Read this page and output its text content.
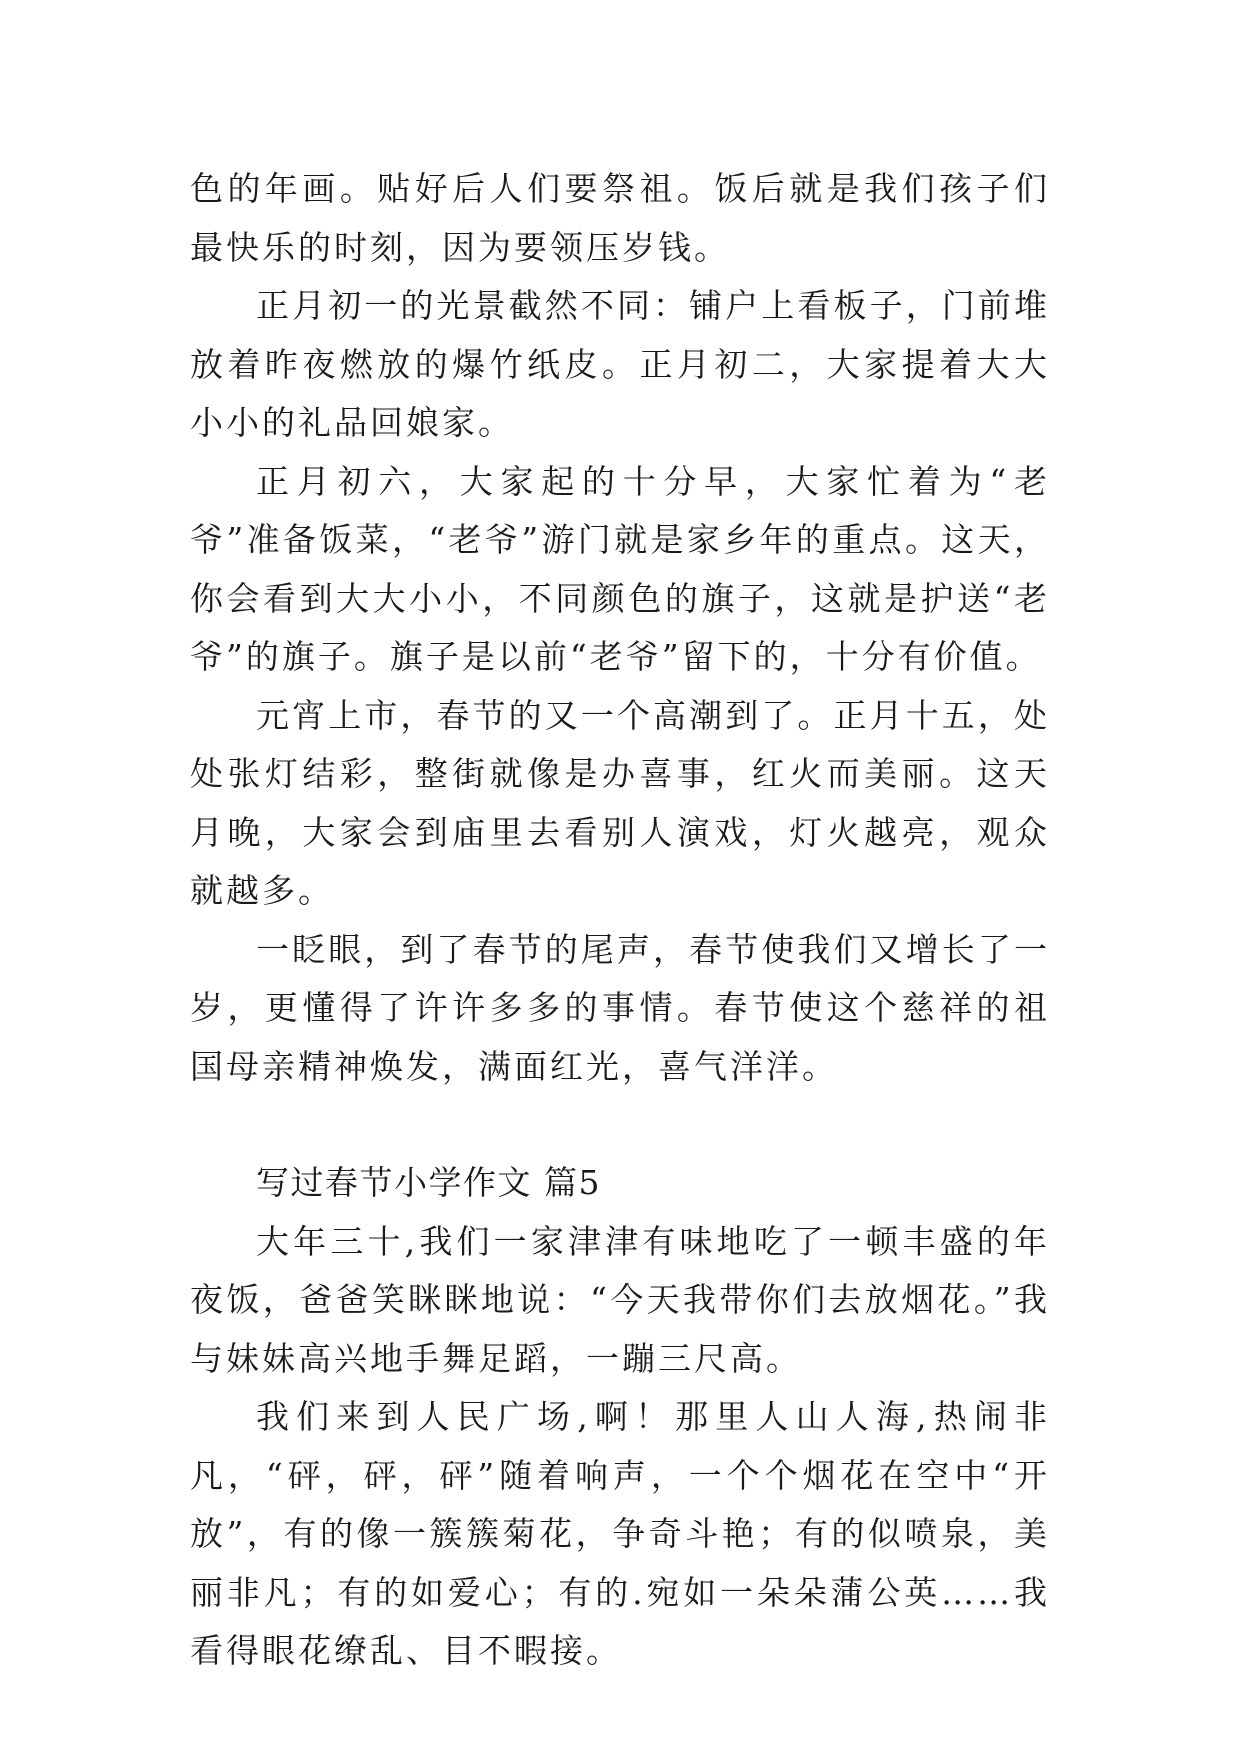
色的年画。贴好后人们要祭祖。饭后就是我们孩子们最快乐的时刻，因为要领压岁钱。

正月初一的光景截然不同：铺户上看板子，门前堆放着昨夜燃放的爆竹纸皮。正月初二，大家提着大大小小的礼品回娘家。

正月初六，大家起的十分早，大家忙着为“老爷”准备饭菜，“老爷”游门就是家乡年的重点。这天，你会看到大大小小，不同颜色的旗子，这就是护送“老爷”的旗子。旗子是以前“老爷”留下的，十分有价值。

元宵上市，春节的又一个高潮到了。正月十五，处处张灯结彩，整街就像是办喜事，红火而美丽。这天月晚，大家会到庙里去看别人演戏，灯火越亮，观众就越多。

一眨眼，到了春节的尾声，春节使我们又增长了一岁，更懂得了许许多多的事情。春节使这个慈祥的祖国母亲精神焕发，满面红光，喜气洋洋。

写过春节小学作文 篇5

大年三十,我们一家津津有味地吃了一顿丰盛的年夜饭，爸爸笑眯眯地说：“今天我带你们去放烟花。”我与妹妹高兴地手舞足蹈，一蹦三尺高。

我们来到人民广场,啊！那里人山人海,热闹非凡，“砰，砰，砰”随着响声，一个个烟花在空中“开放”，有的像一簇簇菊花，争奇斗艳；有的似喷泉，美丽非凡；有的如爱心；有的.宛如一朵朵蒲公英……我看得眼花缭乱、目不暇接。
